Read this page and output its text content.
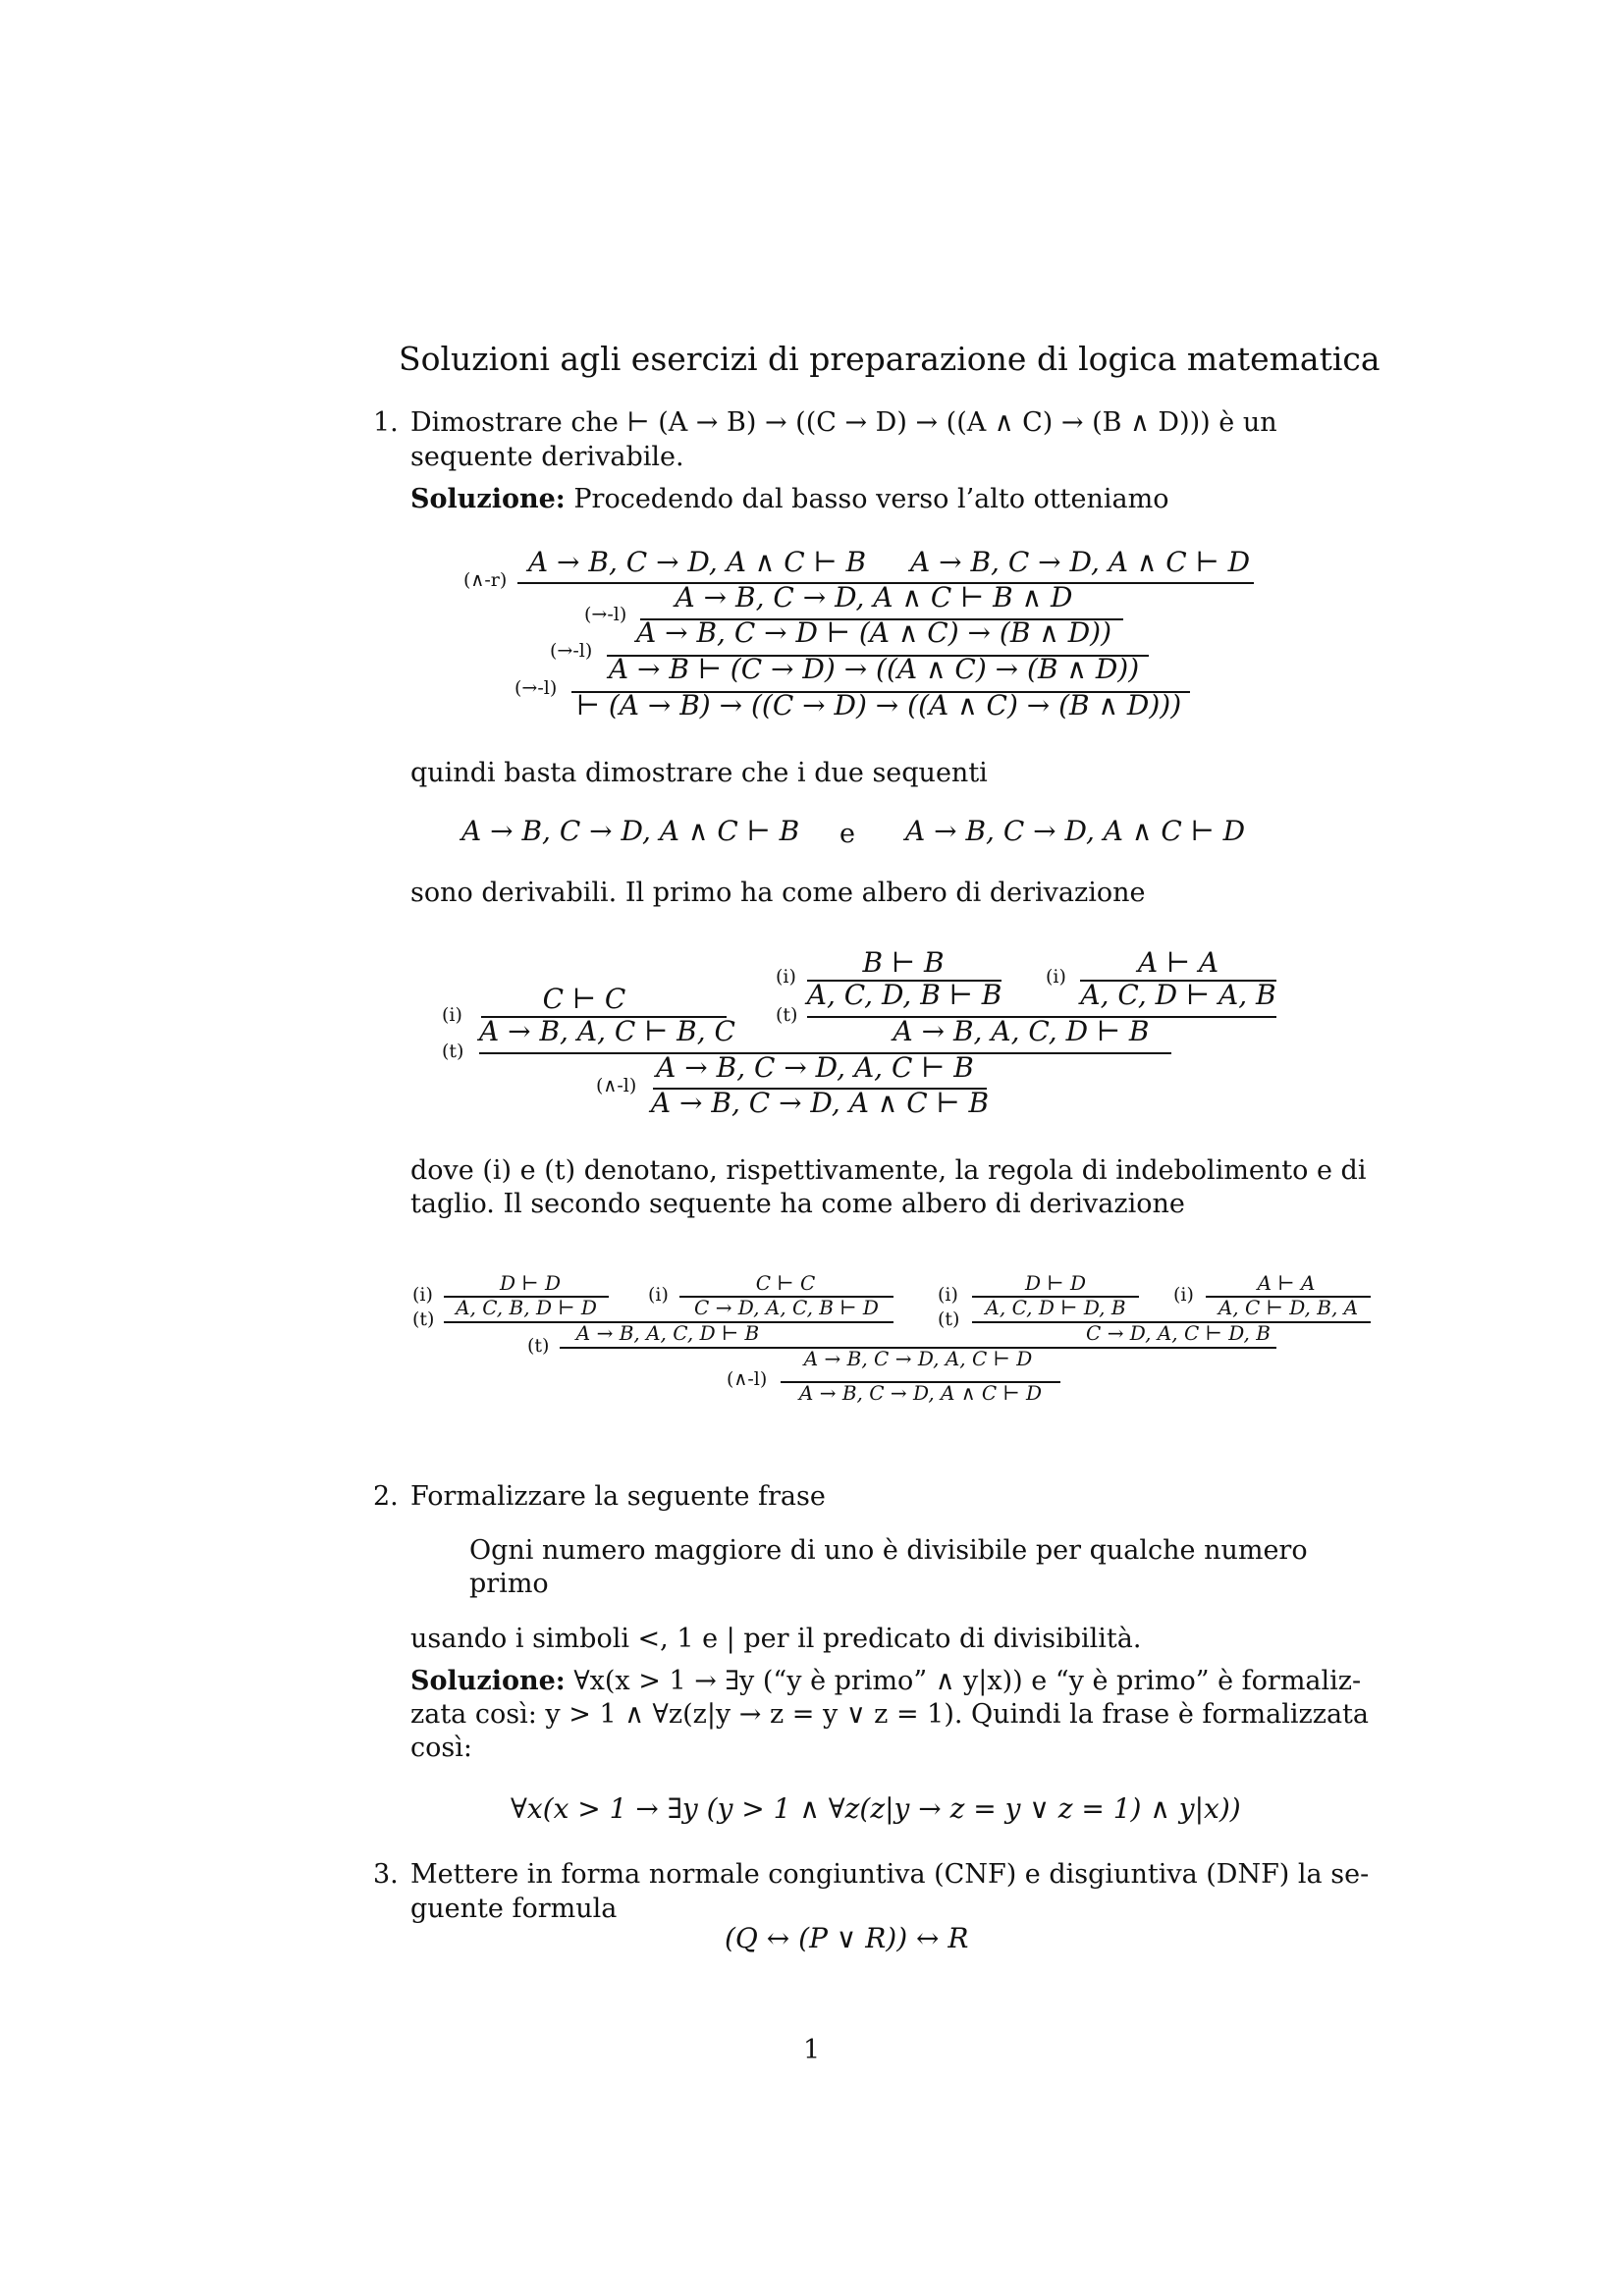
Soluzioni agli esercizi di preparazione di logica matematica
1. Dimostrare che ⊢ (A → B) → ((C → D) → ((A ∧ C) → (B ∧ D))) è un
sequente derivabile.
Soluzione: Procedendo dal basso verso l’alto otteniamo
A → B, C → D, A ∧ C ⊢ B A → B, C → D, A ∧ C ⊢ D
(∧-r)
A → B, C → D, A ∧ C ⊢ B ∧ D
(→-l)
A → B, C → D ⊢ (A ∧ C) → (B ∧ D))
(→-l)
A → B ⊢ (C → D) → ((A ∧ C) → (B ∧ D))
(→-l)
⊢ (A → B) → ((C → D) → ((A ∧ C) → (B ∧ D)))
quindi basta dimostrare che i due sequenti
A → B, C → D, A ∧ C ⊢ B e A → B, C → D, A ∧ C ⊢ D
sono derivabili. Il primo ha come albero di derivazione
C ⊢ C
(i) A → B, A, C ⊢ B, C
B ⊢ B
(i)
A, C, D, B ⊢ B
A ⊢ A
(i)
A, C, D ⊢ A, B
(t)	A → B, A, C, D ⊢ B
(t)	A → B, C → D, A, C ⊢ B
(∧-l)
A → B, C → D, A ∧ C ⊢ B
dove (i) e (t) denotano, rispettivamente, la regola di indebolimento e di
taglio. Il secondo sequente ha come albero di derivazione
D ⊢ D
(i)
A, C, B, D ⊢ D
C ⊢ C
(i)
C → D, A, C, B ⊢ D
(t)
A → B, A, C, D ⊢ B
D ⊢ D
(i)
A, C, D ⊢ D, B
A ⊢ A
(i)
A, C ⊢ D, B, A
(t)
C → D, A, C ⊢ D, B
(t)
A → B, C → D, A, C ⊢ D
(∧-l)
A → B, C → D, A ∧ C ⊢ D
2. Formalizzare la seguente frase
Ogni numero maggiore di uno è divisibile per qualche numero
primo
usando i simboli <, 1 e | per il predicato di divisibilità.
Soluzione: ∀x(x > 1 → ∃y (“y è primo” ∧ y|x)) e “y è primo” è formaliz-
zata così: y > 1 ∧ ∀z(z|y → z = y ∨ z = 1). Quindi la frase è formalizzata
così:
∀x(x > 1 → ∃y (y > 1 ∧ ∀z(z|y → z = y ∨ z = 1) ∧ y|x))
3. Mettere in forma normale congiuntiva (CNF) e disgiuntiva (DNF) la se-
guente formula
(Q ↔ (P ∨ R)) ↔ R
1
